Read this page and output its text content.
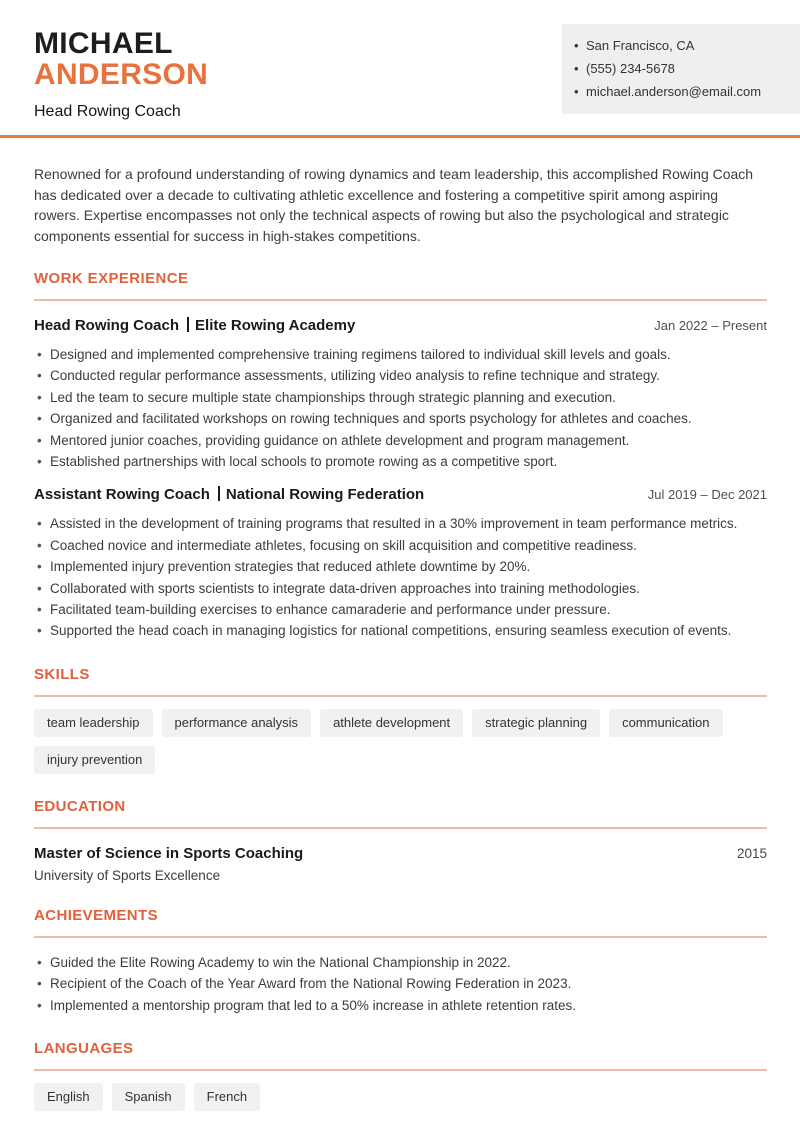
MICHAEL
ANDERSON
Head Rowing Coach
• San Francisco, CA
• (555) 234-5678
• michael.anderson@email.com

Renowned for a profound understanding of rowing dynamics and team leadership, this accomplished Rowing Coach has dedicated over a decade to cultivating athletic excellence and fostering a competitive spirit among aspiring rowers. Expertise encompasses not only the technical aspects of rowing but also the psychological and strategic components essential for success in high-stakes competitions.

WORK EXPERIENCE
Head Rowing Coach Elite Rowing Academy	Jan 2022 – Present
• Designed and implemented comprehensive training regimens tailored to individual skill levels and goals.
• Conducted regular performance assessments, utilizing video analysis to refine technique and strategy.
• Led the team to secure multiple state championships through strategic planning and execution.
• Organized and facilitated workshops on rowing techniques and sports psychology for athletes and coaches.
• Mentored junior coaches, providing guidance on athlete development and program management.
• Established partnerships with local schools to promote rowing as a competitive sport.
Assistant Rowing Coach National Rowing Federation	Jul 2019 – Dec 2021
• Assisted in the development of training programs that resulted in a 30% improvement in team performance metrics.
• Coached novice and intermediate athletes, focusing on skill acquisition and competitive readiness.
• Implemented injury prevention strategies that reduced athlete downtime by 20%.
• Collaborated with sports scientists to integrate data-driven approaches into training methodologies.
• Facilitated team-building exercises to enhance camaraderie and performance under pressure.
• Supported the head coach in managing logistics for national competitions, ensuring seamless execution of events.
SKILLS
team leadership	performance analysis	athlete development	strategic planning	communication
injury prevention
EDUCATION
Master of Science in Sports Coaching	2015
University of Sports Excellence
ACHIEVEMENTS
• Guided the Elite Rowing Academy to win the National Championship in 2022.
• Recipient of the Coach of the Year Award from the National Rowing Federation in 2023.
• Implemented a mentorship program that led to a 50% increase in athlete retention rates.
LANGUAGES
English	Spanish	French
